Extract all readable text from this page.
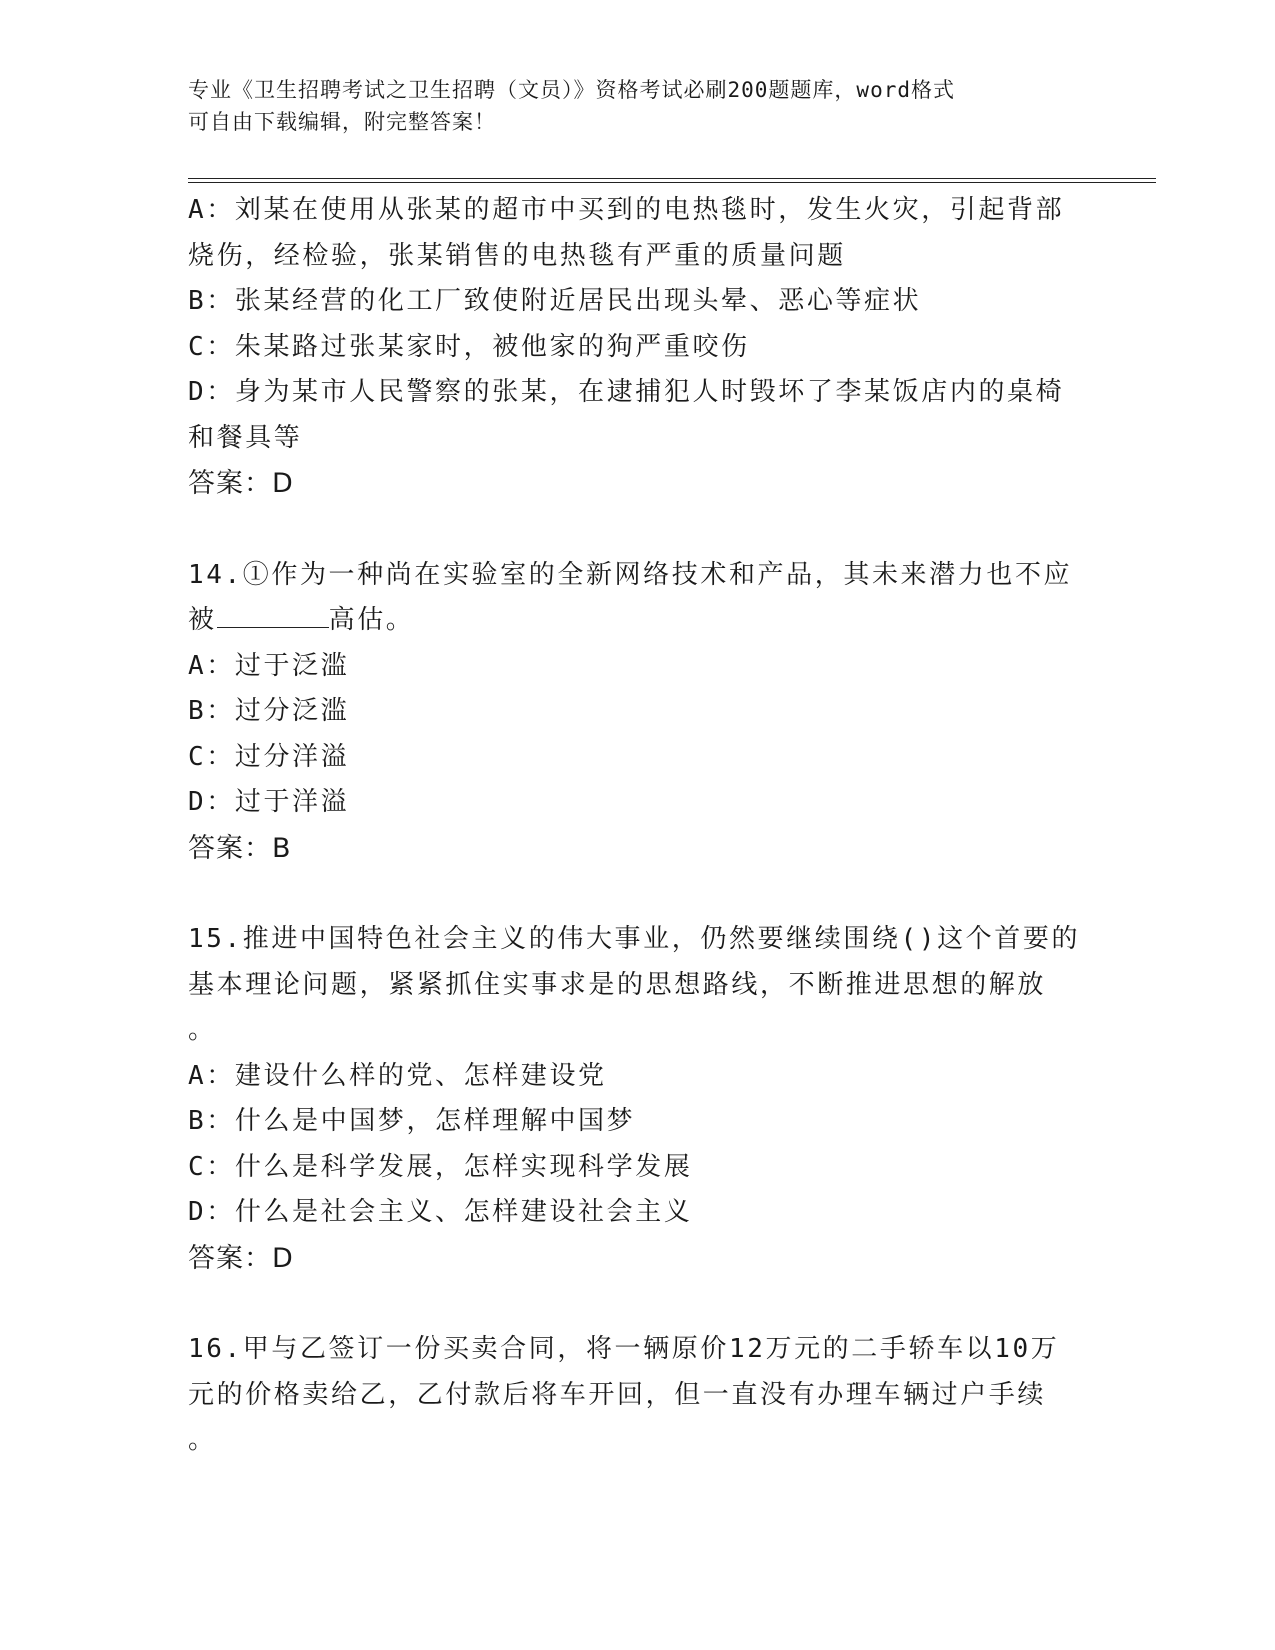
专业《卫生招聘考试之卫生招聘（文员）》资格考试必刷200题题库，word格式
可自由下载编辑，附完整答案！
A：刘某在使用从张某的超市中买到的电热毯时，发生火灾，引起背部
烧伤，经检验，张某销售的电热毯有严重的质量问题
B：张某经营的化工厂致使附近居民出现头晕、恶心等症状
C：朱某路过张某家时，被他家的狗严重咬伤
D：身为某市人民警察的张某，在逮捕犯人时毁坏了李某饭店内的桌椅
和餐具等
答案：D
14.①作为一种尚在实验室的全新网络技术和产品，其未来潜力也不应
被	高估。
A：过于泛滥
B：过分泛滥
C：过分洋溢
D：过于洋溢
答案：B
15.推进中国特色社会主义的伟大事业，仍然要继续围绕()这个首要的
基本理论问题，紧紧抓住实事求是的思想路线，不断推进思想的解放
。
A：建设什么样的党、怎样建设党
B：什么是中国梦，怎样理解中国梦
C：什么是科学发展，怎样实现科学发展
D：什么是社会主义、怎样建设社会主义
答案：D
16.甲与乙签订一份买卖合同，将一辆原价12万元的二手轿车以10万
元的价格卖给乙，乙付款后将车开回，但一直没有办理车辆过户手续
。
